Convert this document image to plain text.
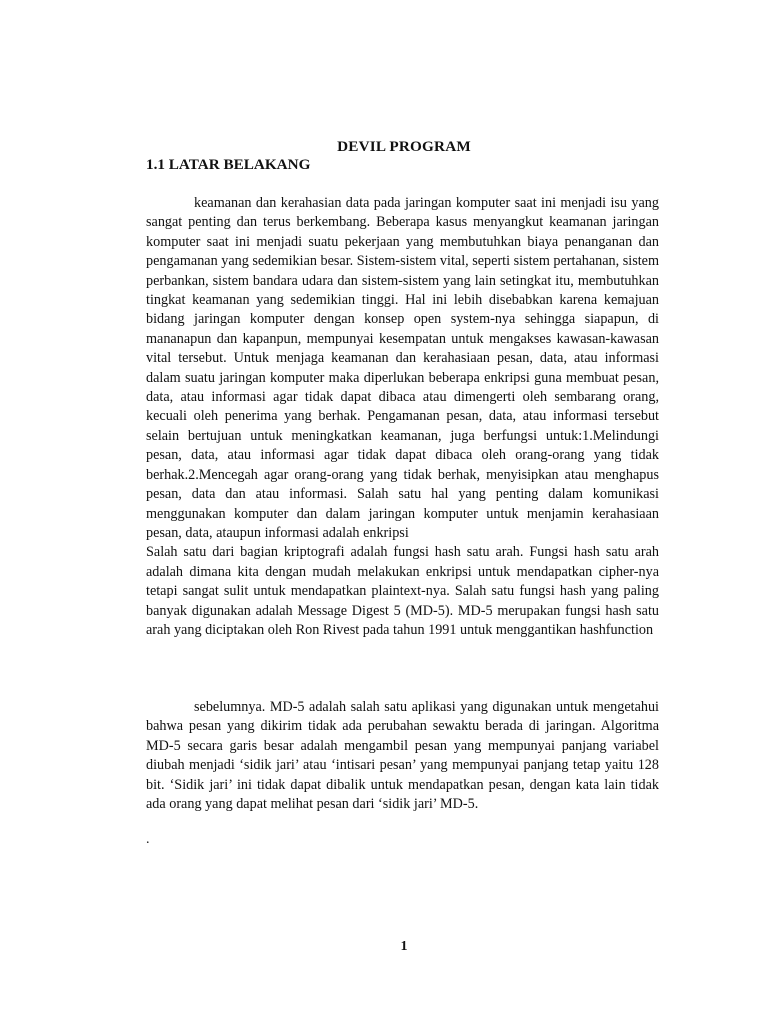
DEVIL PROGRAM
1.1 LATAR BELAKANG

keamanan dan kerahasian data pada jaringan komputer saat ini menjadi isu yang sangat penting dan terus berkembang. Beberapa kasus menyangkut keamanan jaringan komputer saat ini menjadi suatu pekerjaan yang membutuhkan biaya penanganan dan pengamanan yang sedemikian besar. Sistem-sistem vital, seperti sistem pertahanan, sistem perbankan, sistem bandara udara dan sistem-sistem yang lain setingkat itu, membutuhkan tingkat keamanan yang sedemikian tinggi. Hal ini lebih disebabkan karena kemajuan bidang jaringan komputer dengan konsep open system-nya sehingga siapapun, di mananapun dan kapanpun, mempunyai kesempatan untuk mengakses kawasan-kawasan vital tersebut. Untuk menjaga keamanan dan kerahasiaan pesan, data, atau informasi dalam suatu jaringan komputer maka diperlukan beberapa enkripsi guna membuat pesan, data, atau informasi agar tidak dapat dibaca atau dimengerti oleh sembarang orang, kecuali oleh penerima yang berhak. Pengamanan pesan, data, atau informasi tersebut selain bertujuan untuk meningkatkan keamanan, juga berfungsi untuk:1.Melindungi pesan, data, atau informasi agar tidak dapat dibaca oleh orang-orang yang tidak berhak.2.Mencegah agar orang-orang yang tidak berhak, menyisipkan atau menghapus pesan, data dan atau informasi. Salah satu hal yang penting dalam komunikasi menggunakan komputer dan dalam jaringan komputer untuk menjamin kerahasiaan pesan, data, ataupun informasi adalah enkripsi

Salah satu dari bagian kriptografi adalah fungsi hash satu arah. Fungsi hash satu arah adalah dimana kita dengan mudah melakukan enkripsi untuk mendapatkan cipher-nya tetapi sangat sulit untuk mendapatkan plaintext-nya. Salah satu fungsi hash yang paling banyak digunakan adalah Message Digest 5 (MD-5). MD-5 merupakan fungsi hash satu arah yang diciptakan oleh Ron Rivest pada tahun 1991 untuk menggantikan hashfunction

sebelumnya. MD-5 adalah salah satu aplikasi yang digunakan untuk mengetahui bahwa pesan yang dikirim tidak ada perubahan sewaktu berada di jaringan. Algoritma MD-5 secara garis besar adalah mengambil pesan yang mempunyai panjang variabel diubah menjadi ‘sidik jari’ atau ‘intisari pesan’ yang mempunyai panjang tetap yaitu 128 bit. ‘Sidik jari’ ini tidak dapat dibalik untuk mendapatkan pesan, dengan kata lain tidak ada orang yang dapat melihat pesan dari ‘sidik jari’ MD-5.

.
1
